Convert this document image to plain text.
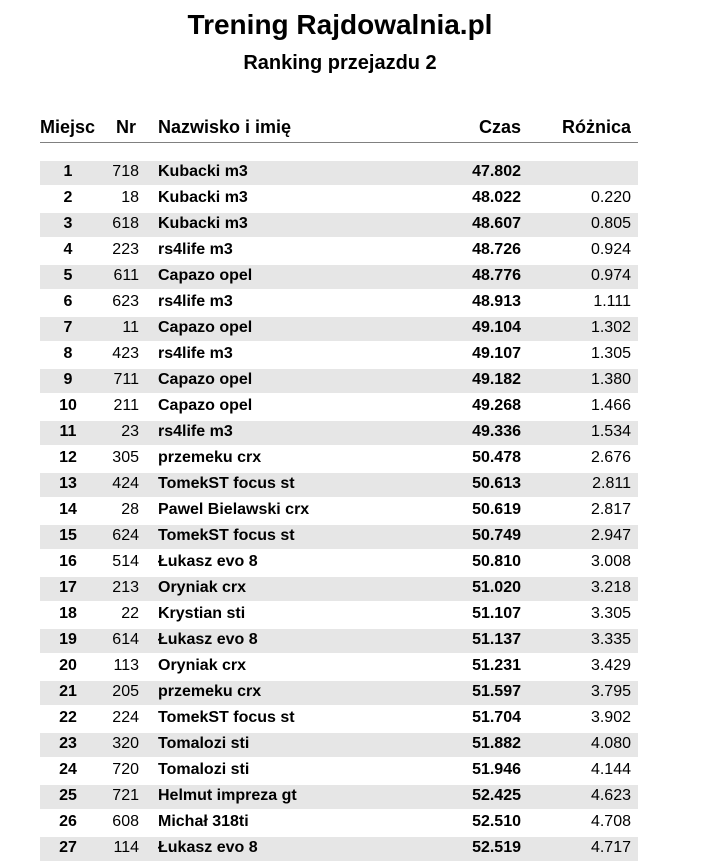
Trening Rajdowalnia.pl
Ranking przejazdu 2
Miejsc	Nr Nazwisko i imię	Czas	Różnica
1	718 Kubacki m3	47.802
2	18 Kubacki m3	48.022	0.220
3	618 Kubacki m3	48.607	0.805
4	223 rs4life m3	48.726	0.924
5	611 Capazo opel	48.776	0.974
6	623 rs4life m3	48.913	1.111
7	11 Capazo opel	49.104	1.302
8	423 rs4life m3	49.107	1.305
9	711 Capazo opel	49.182	1.380
10	211 Capazo opel	49.268	1.466
11	23 rs4life m3	49.336	1.534
12	305 przemeku crx	50.478	2.676
13	424 TomekST focus st	50.613	2.811
14	28 Pawel Bielawski crx	50.619	2.817
15	624 TomekST focus st	50.749	2.947
16	514 Łukasz evo 8	50.810	3.008
17	213 Oryniak crx	51.020	3.218
18	22 Krystian sti	51.107	3.305
19	614 Łukasz evo 8	51.137	3.335
20	113 Oryniak crx	51.231	3.429
21	205 przemeku crx	51.597	3.795
22	224 TomekST focus st	51.704	3.902
23	320 Tomalozi sti	51.882	4.080
24	720 Tomalozi sti	51.946	4.144
25	721 Helmut impreza gt	52.425	4.623
26	608 Michał 318ti	52.510	4.708
27	114 Łukasz evo 8	52.519	4.717
